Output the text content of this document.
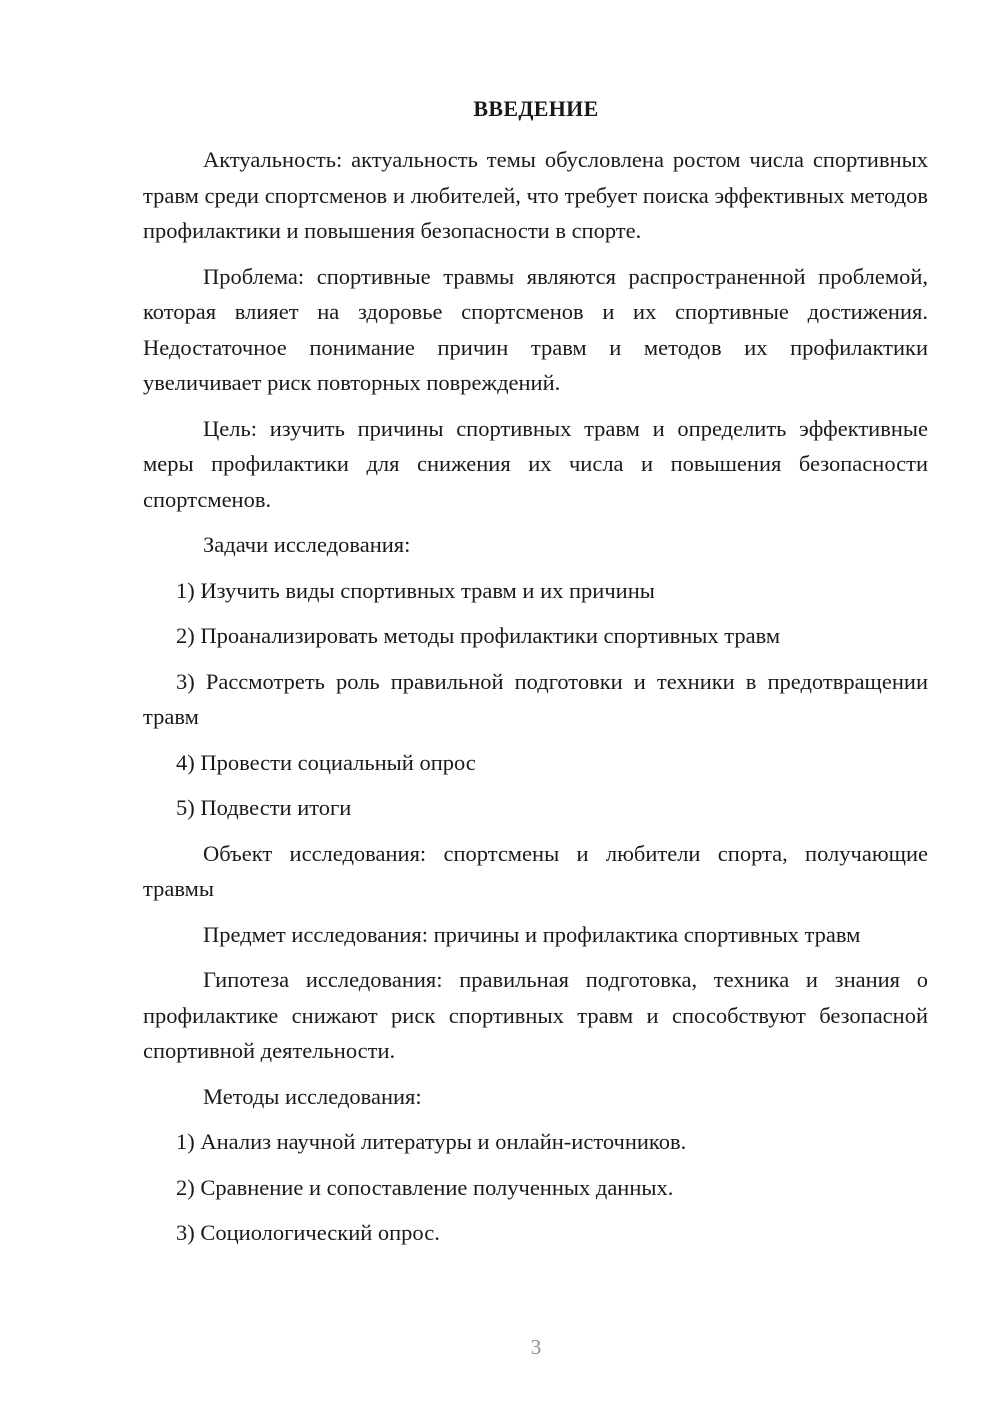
ВВЕДЕНИЕ

Актуальность: актуальность темы обусловлена ростом числа спортивных травм среди спортсменов и любителей, что требует поиска эффективных методов профилактики и повышения безопасности в спорте.

Проблема: спортивные травмы являются распространенной проблемой, которая влияет на здоровье спортсменов и их спортивные достижения. Недостаточное понимание причин травм и методов их профилактики увеличивает риск повторных повреждений.

Цель: изучить причины спортивных травм и определить эффективные меры профилактики для снижения их числа и повышения безопасности спортсменов.

Задачи исследования:

1) Изучить виды спортивных травм и их причины

2) Проанализировать методы профилактики спортивных травм

3) Рассмотреть роль правильной подготовки и техники в предотвращении травм

4) Провести социальный опрос

5) Подвести итоги

Объект исследования: спортсмены и любители спорта, получающие травмы

Предмет исследования: причины и профилактика спортивных травм

Гипотеза исследования: правильная подготовка, техника и знания о профилактике снижают риск спортивных травм и способствуют безопасной спортивной деятельности.

Методы исследования:

1) Анализ научной литературы и онлайн-источников.

2) Сравнение и сопоставление полученных данных.

3) Социологический опрос.

3
